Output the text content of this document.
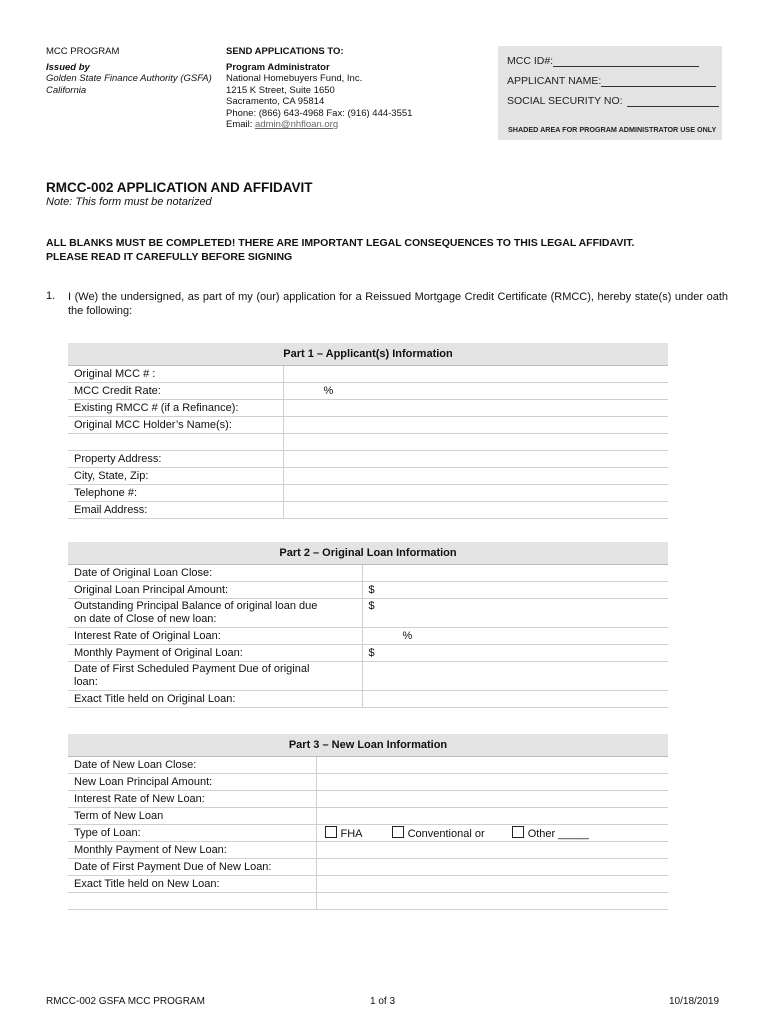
MCC PROGRAM
Issued by
Golden State Finance Authority (GSFA)
California
SEND APPLICATIONS TO:
Program Administrator
National Homebuyers Fund, Inc.
1215 K Street, Suite 1650
Sacramento, CA 95814
Phone: (866) 643-4968 Fax: (916) 444-3551
Email: admin@nhfloan.org
MCC ID#:
APPLICANT NAME:
SOCIAL SECURITY NO:
SHADED AREA FOR PROGRAM ADMINISTRATOR USE ONLY
RMCC-002 APPLICATION AND AFFIDAVIT
Note: This form must be notarized
ALL BLANKS MUST BE COMPLETED! THERE ARE IMPORTANT LEGAL CONSEQUENCES TO THIS LEGAL AFFIDAVIT.
PLEASE READ IT CAREFULLY BEFORE SIGNING
1. I (We) the undersigned, as part of my (our) application for a Reissued Mortgage Credit Certificate (RMCC), hereby state(s) under oath the following:
Part 1 – Applicant(s) Information	
Original MCC # :	
MCC Credit Rate:	%
Existing RMCC # (if a Refinance):	
Original MCC Holder’s Name(s):	

Property Address:	
City, State, Zip:	
Telephone #:	
Email Address:	
Part 2 – Original Loan Information	
Date of Original Loan Close:	
Original Loan Principal Amount:	$
Outstanding Principal Balance of original loan due on date of Close of new loan:	$
Interest Rate of Original Loan:	%
Monthly Payment of Original Loan:	$
Date of First Scheduled Payment Due of original loan:	
Exact Title held on Original Loan:	
Part 3 – New Loan Information	
Date of New Loan Close:	
New Loan Principal Amount:	
Interest Rate of New Loan:	
Term of New Loan	
Type of Loan:	FHA Conventional or Other _____
Monthly Payment of New Loan:	
Date of First Payment Due of New Loan:	
Exact Title held on New Loan:	

RMCC-002 GSFA MCC PROGRAM	1 of 3	10/18/2019
